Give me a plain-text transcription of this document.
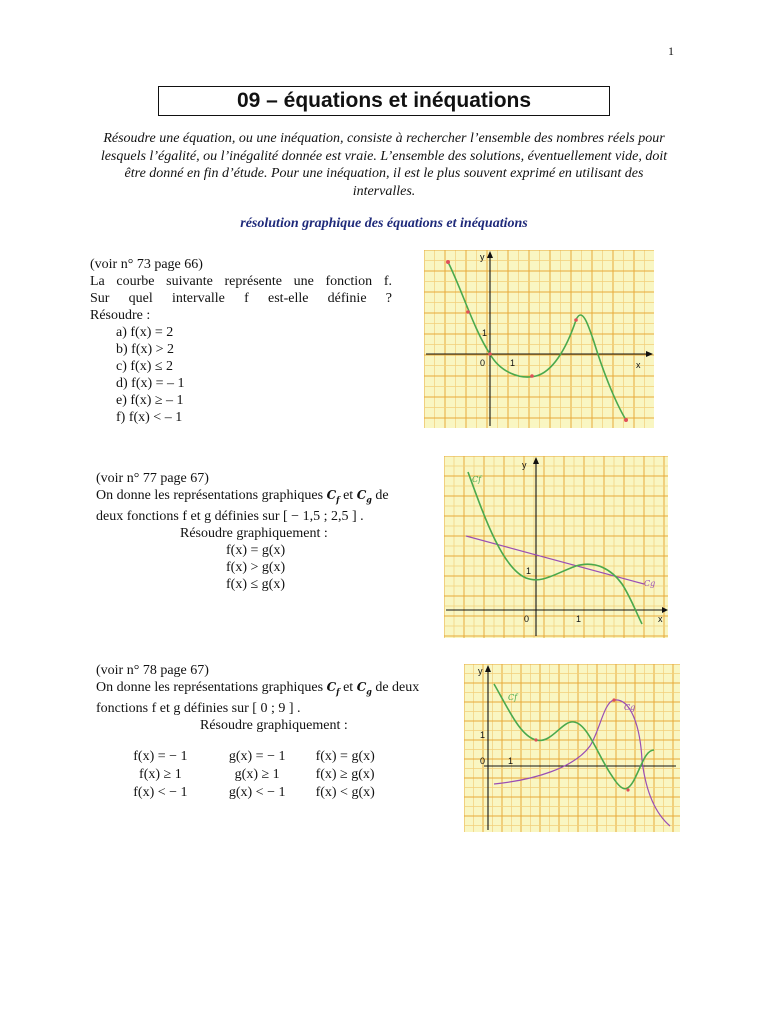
1
09 – équations et inéquations
Résoudre une équation, ou une inéquation, consiste à rechercher l’ensemble des nombres réels pour lesquels l’égalité, ou l’inégalité donnée est vraie. L’ensemble des solutions, éventuellement vide, doit être donné en fin d’étude. Pour une inéquation, il est le plus souvent exprimé en utilisant des intervalles.
résolution graphique des équations et inéquations
(voir n° 73 page 66)
La courbe suivante représente une fonction f.
Sur quel intervalle f est-elle définie ?
Résoudre :
a) f(x) = 2
b) f(x) > 2
c) f(x) ≤ 2
d) f(x) = – 1
e) f(x) ≥ – 1
f) f(x) < – 1
y
x
0	1
1
(voir n° 77 page 67)
On donne les représentations graphiques $C_f$ et $C_g$ de
deux fonctions f et g définies sur [ − 1,5 ; 2,5 ] .
Résoudre graphiquement :
f(x) = g(x)
f(x) > g(x)
f(x) ≤ g(x)
y
x
0	1
1
Cf
Cg
(voir n° 78 page 67)
On donne les représentations graphiques $C_f$ et $C_g$ de deux
fonctions f et g définies sur [ 0 ; 9 ] .
Résoudre graphiquement :
f(x) = − 1	g(x) = − 1	f(x) = g(x)
f(x) ≥ 1	g(x) ≥ 1	f(x) ≥ g(x)
f(x) < − 1	g(x) < − 1	f(x) < g(x)
y
0	1
1
Cf
Cg
